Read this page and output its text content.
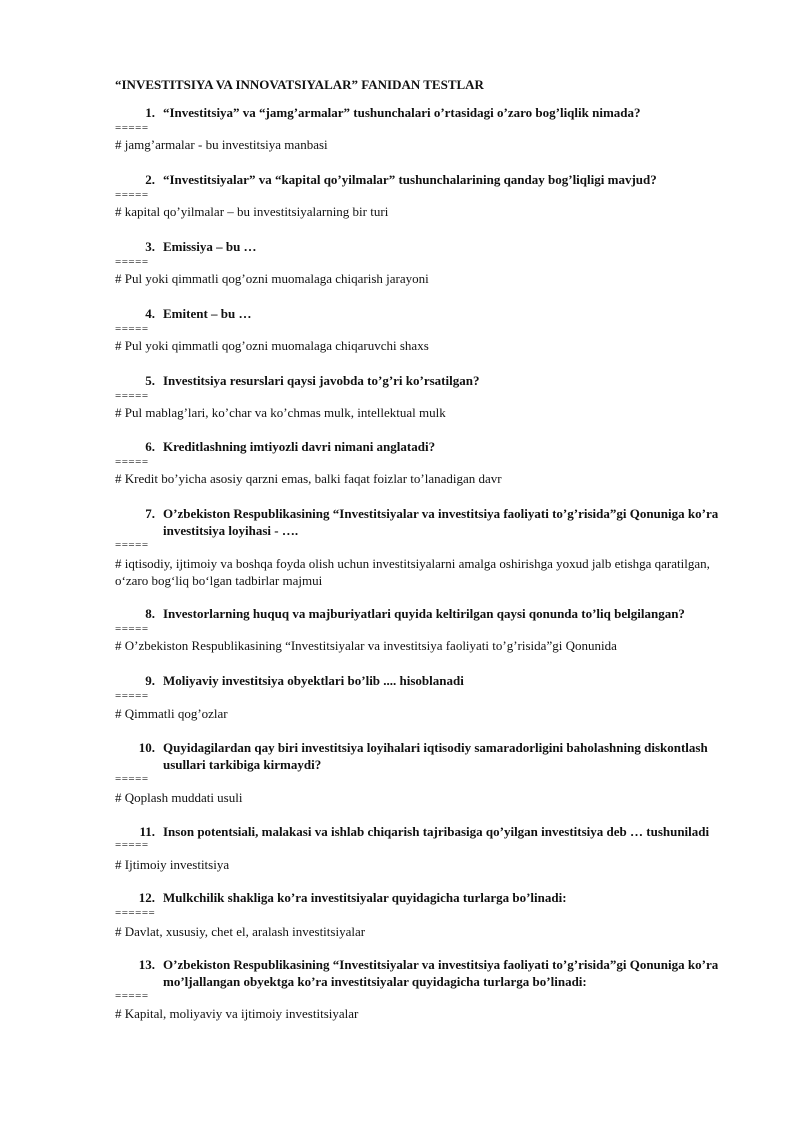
“INVESTITSIYA VA INNOVATSIYALAR” FANIDAN TESTLAR
1. “Investitsiya” va “jamg’armalar” tushunchalari o’rtasidagi o’zaro bog’liqlik nimada?
=====
# jamg’armalar - bu investitsiya manbasi
2. “Investitsiyalar” va “kapital qo’yilmalar” tushunchalarining qanday bog’liqligi mavjud?
=====
# kapital qo’yilmalar – bu investitsiyalarning bir turi
3. Emissiya – bu …
=====
# Pul yoki qimmatli qog’ozni muomalaga chiqarish jarayoni
4. Emitent – bu …
=====
# Pul yoki qimmatli qog’ozni muomalaga chiqaruvchi shaxs
5. Investitsiya resurslari qaysi javobda to’g’ri ko’rsatilgan?
=====
# Pul mablag’lari, ko’char va ko’chmas mulk, intellektual mulk
6. Kreditlashning imtiyozli davri nimani anglatadi?
=====
# Kredit bo’yicha asosiy qarzni emas, balki faqat foizlar to’lanadigan davr
7. O’zbekiston Respublikasining “Investitsiyalar va investitsiya faoliyati to’g’risida”gi Qonuniga ko’ra investitsiya loyihasi - ….
=====
# iqtisodiy, ijtimoiy va boshqa foyda olish uchun investitsiyalarni amalga oshirishga yoxud jalb etishga qaratilgan, o‘zaro bog‘liq bo‘lgan tadbirlar majmui
8. Investorlarning huquq va majburiyatlari quyida keltirilgan qaysi qonunda to’liq belgilangan?
=====
# O’zbekiston Respublikasining “Investitsiyalar va investitsiya faoliyati to’g’risida”gi Qonunida
9. Moliyaviy investitsiya obyektlari bo’lib .... hisoblanadi
=====
# Qimmatli qog’ozlar
10. Quyidagilardan qay biri investitsiya loyihalari iqtisodiy samaradorligini baholashning diskontlash usullari tarkibiga kirmaydi?
=====
# Qoplash muddati usuli
11. Inson potentsiali, malakasi va ishlab chiqarish tajribasiga qo’yilgan investitsiya deb … tushuniladi
=====
# Ijtimoiy investitsiya
12. Mulkchilik shakliga ko’ra investitsiyalar quyidagicha turlarga bo’linadi:
======
# Davlat, xususiy, chet el, aralash investitsiyalar
13. O’zbekiston Respublikasining “Investitsiyalar va investitsiya faoliyati to’g’risida”gi Qonuniga ko’ra mo’ljallangan obyektga ko’ra investitsiyalar quyidagicha turlarga bo’linadi:
=====
# Kapital, moliyaviy va ijtimoiy investitsiyalar
